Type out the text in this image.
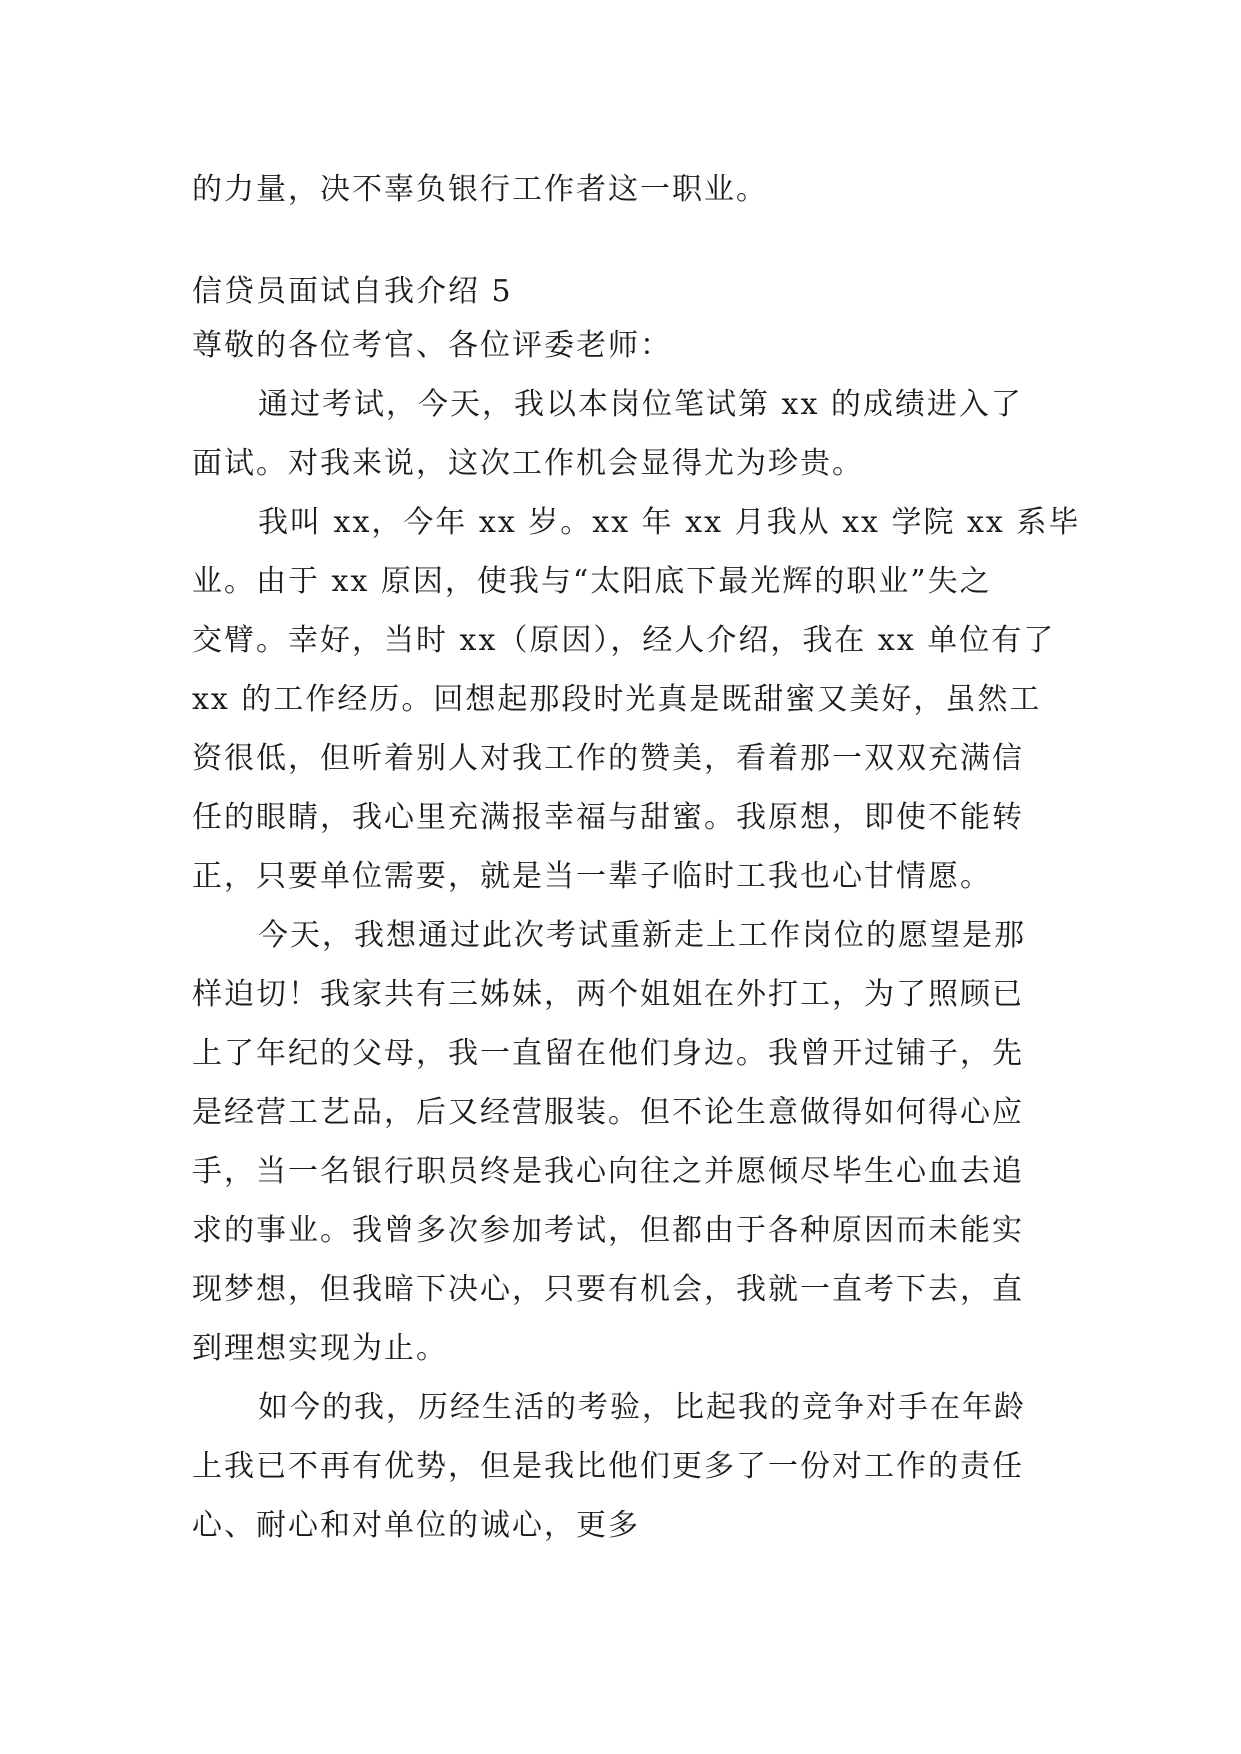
的力量，决不辜负银行工作者这一职业。

信贷员面试自我介绍 5

尊敬的各位考官、各位评委老师：

通过考试，今天，我以本岗位笔试第 xx 的成绩进入了

面试。对我来说，这次工作机会显得尤为珍贵。

我叫 xx，今年 xx 岁。xx 年 xx 月我从 xx 学院 xx 系毕

业。由于 xx 原因，使我与“太阳底下最光辉的职业”失之

交臂。幸好，当时 xx（原因），经人介绍，我在 xx 单位有了

xx 的工作经历。回想起那段时光真是既甜蜜又美好，虽然工

资很低，但听着别人对我工作的赞美，看着那一双双充满信

任的眼睛，我心里充满报幸福与甜蜜。我原想，即使不能转

正，只要单位需要，就是当一辈子临时工我也心甘情愿。

今天，我想通过此次考试重新走上工作岗位的愿望是那

样迫切！我家共有三姊妹，两个姐姐在外打工，为了照顾已

上了年纪的父母，我一直留在他们身边。我曾开过铺子，先

是经营工艺品，后又经营服装。但不论生意做得如何得心应

手，当一名银行职员终是我心向往之并愿倾尽毕生心血去追

求的事业。我曾多次参加考试，但都由于各种原因而未能实

现梦想，但我暗下决心，只要有机会，我就一直考下去，直

到理想实现为止。

如今的我，历经生活的考验，比起我的竞争对手在年龄

上我已不再有优势，但是我比他们更多了一份对工作的责任

心、耐心和对单位的诚心，更多
